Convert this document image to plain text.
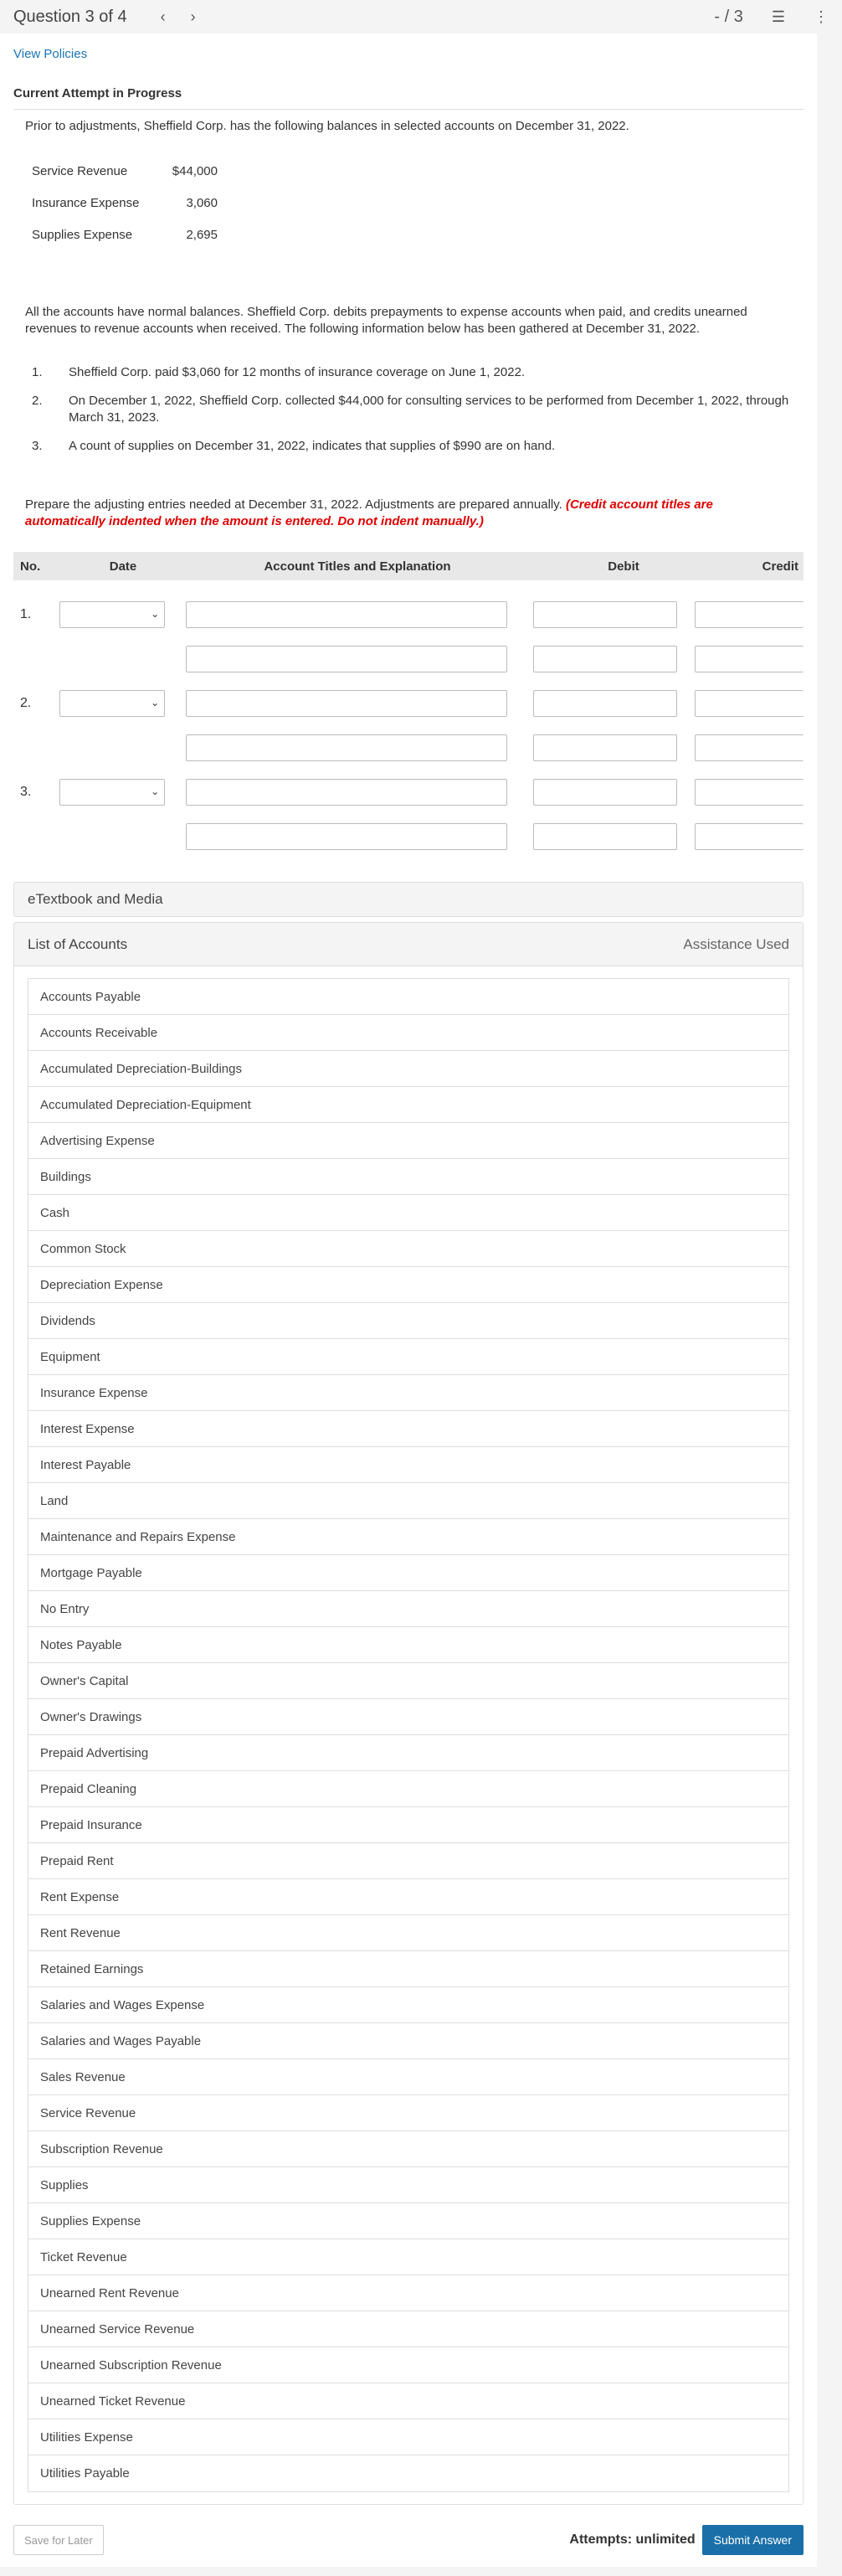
Question 3 of 4 ‹ ›	- / 3 ☰ ⋮
View Policies
Current Attempt in Progress

Prior to adjustments, Sheffield Corp. has the following balances in selected accounts on December 31, 2022.

Service Revenue	$44,000
Insurance Expense	3,060
Supplies Expense	2,695

All the accounts have normal balances. Sheffield Corp. debits prepayments to expense accounts when paid, and credits unearned revenues to revenue accounts when received. The following information below has been gathered at December 31, 2022.

1.	Sheffield Corp. paid $3,060 for 12 months of insurance coverage on June 1, 2022.
2.	On December 1, 2022, Sheffield Corp. collected $44,000 for consulting services to be performed from December 1, 2022, through March 31, 2023.
3.	A count of supplies on December 31, 2022, indicates that supplies of $990 are on hand.

Prepare the adjusting entries needed at December 31, 2022. Adjustments are prepared annually. (Credit account titles are automatically indented when the amount is entered. Do not indent manually.)

No.	Date	Account Titles and Explanation	Debit	Credit
1.	⌄
2.	⌄
3.	⌄
eTextbook and Media
List of Accounts	Assistance Used
Accounts Payable
Accounts Receivable
Accumulated Depreciation-Buildings
Accumulated Depreciation-Equipment
Advertising Expense
Buildings
Cash
Common Stock
Depreciation Expense
Dividends
Equipment
Insurance Expense
Interest Expense
Interest Payable
Land
Maintenance and Repairs Expense
Mortgage Payable
No Entry
Notes Payable
Owner's Capital
Owner's Drawings
Prepaid Advertising
Prepaid Cleaning
Prepaid Insurance
Prepaid Rent
Rent Expense
Rent Revenue
Retained Earnings
Salaries and Wages Expense
Salaries and Wages Payable
Sales Revenue
Service Revenue
Subscription Revenue
Supplies
Supplies Expense
Ticket Revenue
Unearned Rent Revenue
Unearned Service Revenue
Unearned Subscription Revenue
Unearned Ticket Revenue
Utilities Expense
Utilities Payable
Save for Later	Attempts: unlimited	Submit Answer
